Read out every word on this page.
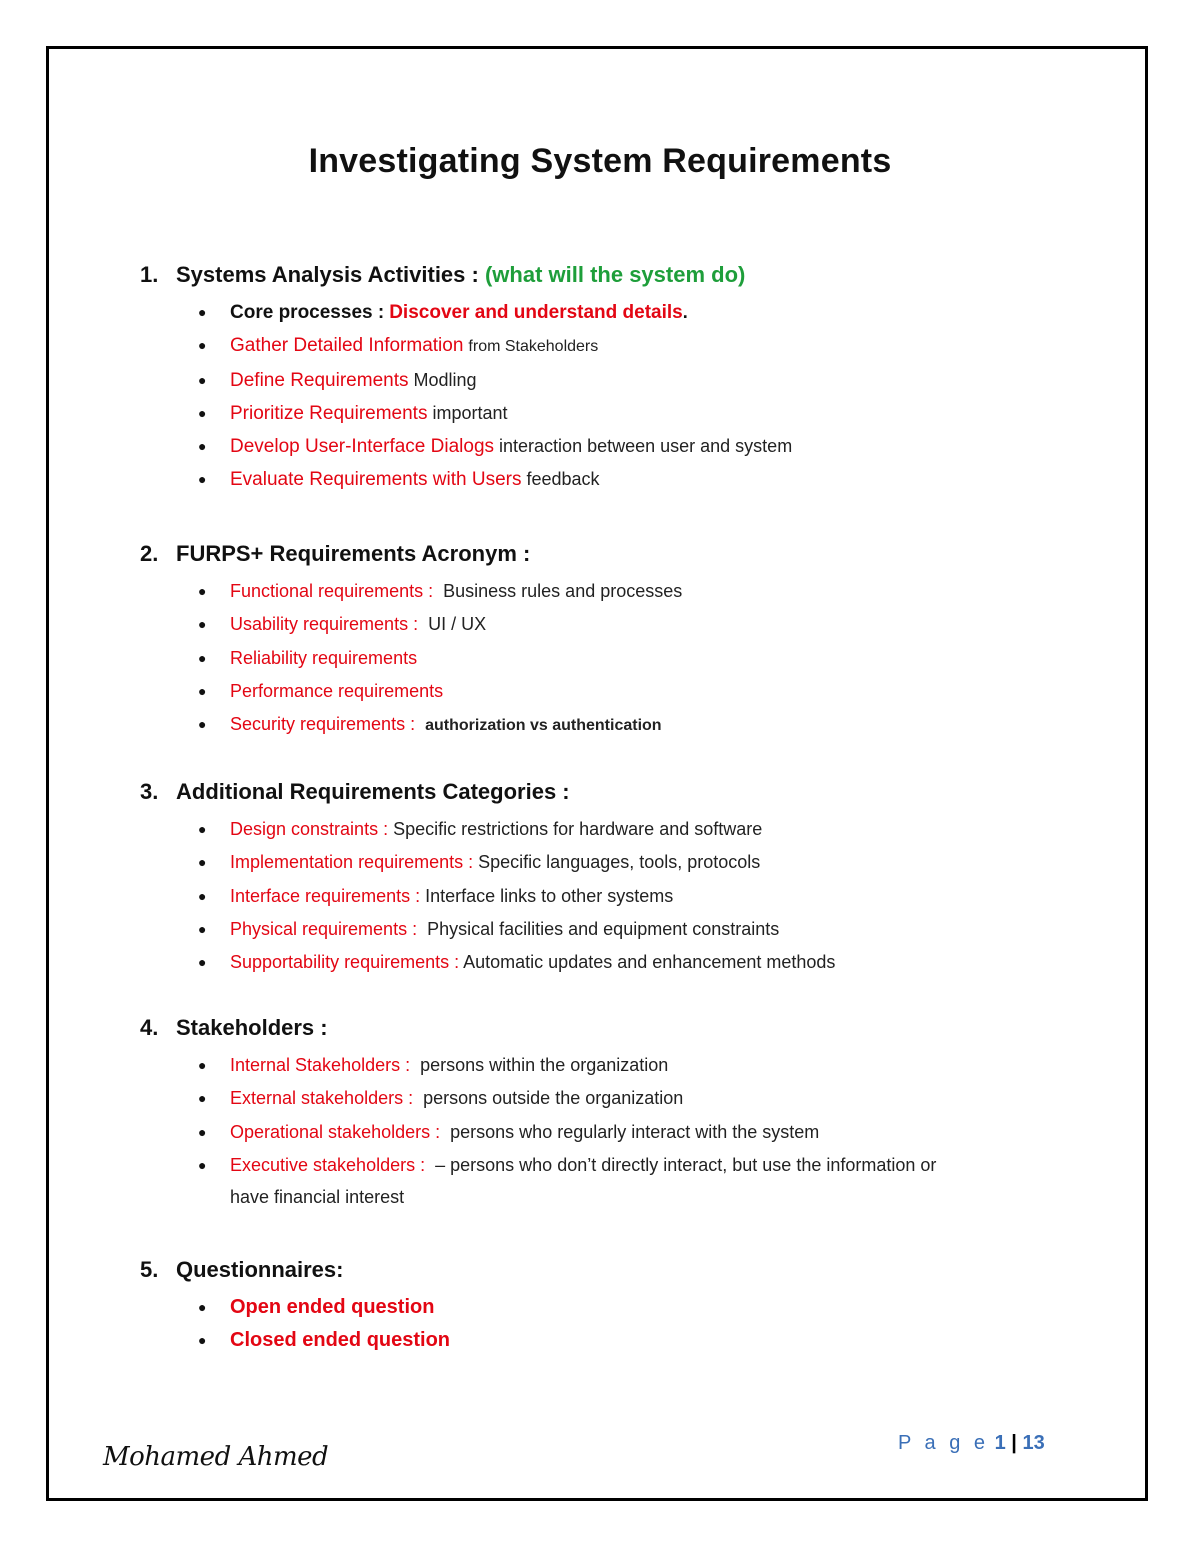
Investigating System Requirements
1. Systems Analysis Activities : (what will the system do)
● Core processes : Discover and understand details.
● Gather Detailed Information from Stakeholders
● Define Requirements Modling
● Prioritize Requirements important
● Develop User-Interface Dialogs interaction between user and system
● Evaluate Requirements with Users feedback
2. FURPS+ Requirements Acronym :
● Functional requirements : Business rules and processes
● Usability requirements : UI / UX
● Reliability requirements
● Performance requirements
● Security requirements : authorization vs authentication
3. Additional Requirements Categories :
● Design constraints : Specific restrictions for hardware and software
● Implementation requirements : Specific languages, tools, protocols
● Interface requirements : Interface links to other systems
● Physical requirements : Physical facilities and equipment constraints
● Supportability requirements : Automatic updates and enhancement methods
4. Stakeholders :
● Internal Stakeholders : persons within the organization
● External stakeholders : persons outside the organization
● Operational stakeholders : persons who regularly interact with the system
● Executive stakeholders : – persons who don’t directly interact, but use the information or
have financial interest
5. Questionnaires:
● Open ended question
● Closed ended question
Mohamed Ahmed	P a g e 1 | 13
